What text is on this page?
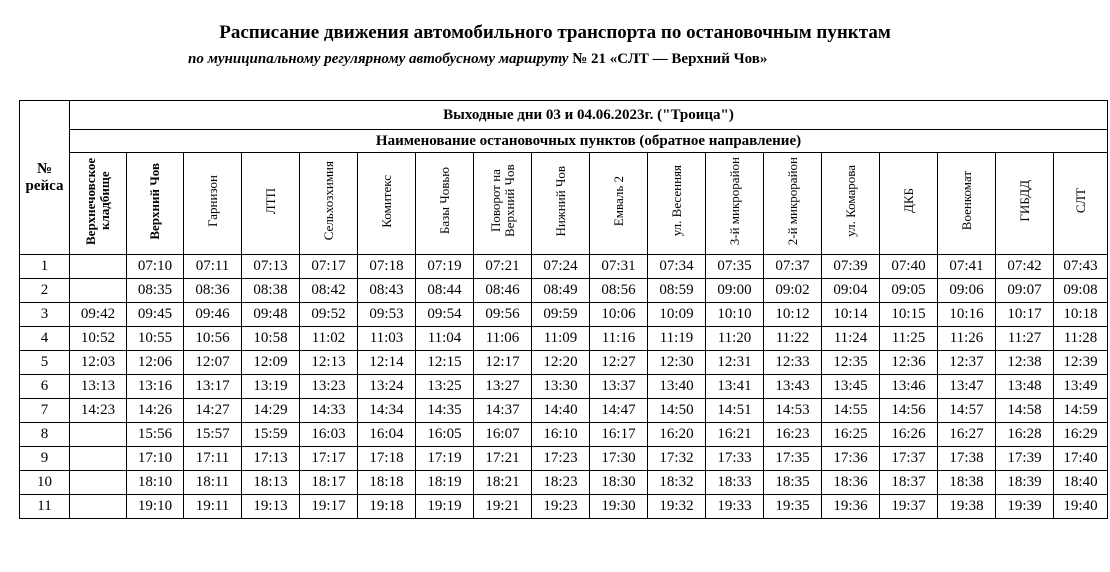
Расписание движения автомобильного транспорта по остановочным пунктам
по муниципальному регулярному автобусному маршруту № 21 «СЛТ — Верхний Чов»
№ рейса	Выходные дни 03 и 04.06.2023г. ("Троица")																	
	Наименование остановочных пунктов (обратное направление)																	
	Верхнечовское кладбище	Верхний Чов	Гарнизон	ЛТП	Сельхозхимия	Комитекс	Базы Човью	Поворот на Верхний Чов	Нижний Чов	Емваль 2	ул. Весенняя	3-й микрорайон	2-й микрорайон	ул. Комарова	ДКБ	Военкомат	ГИБДД	СЛТ
1		07:10	07:11	07:13	07:17	07:18	07:19	07:21	07:24	07:31	07:34	07:35	07:37	07:39	07:40	07:41	07:42	07:43
2		08:35	08:36	08:38	08:42	08:43	08:44	08:46	08:49	08:56	08:59	09:00	09:02	09:04	09:05	09:06	09:07	09:08
3	09:42	09:45	09:46	09:48	09:52	09:53	09:54	09:56	09:59	10:06	10:09	10:10	10:12	10:14	10:15	10:16	10:17	10:18
4	10:52	10:55	10:56	10:58	11:02	11:03	11:04	11:06	11:09	11:16	11:19	11:20	11:22	11:24	11:25	11:26	11:27	11:28
5	12:03	12:06	12:07	12:09	12:13	12:14	12:15	12:17	12:20	12:27	12:30	12:31	12:33	12:35	12:36	12:37	12:38	12:39
6	13:13	13:16	13:17	13:19	13:23	13:24	13:25	13:27	13:30	13:37	13:40	13:41	13:43	13:45	13:46	13:47	13:48	13:49
7	14:23	14:26	14:27	14:29	14:33	14:34	14:35	14:37	14:40	14:47	14:50	14:51	14:53	14:55	14:56	14:57	14:58	14:59
8		15:56	15:57	15:59	16:03	16:04	16:05	16:07	16:10	16:17	16:20	16:21	16:23	16:25	16:26	16:27	16:28	16:29
9		17:10	17:11	17:13	17:17	17:18	17:19	17:21	17:23	17:30	17:32	17:33	17:35	17:36	17:37	17:38	17:39	17:40
10		18:10	18:11	18:13	18:17	18:18	18:19	18:21	18:23	18:30	18:32	18:33	18:35	18:36	18:37	18:38	18:39	18:40
11		19:10	19:11	19:13	19:17	19:18	19:19	19:21	19:23	19:30	19:32	19:33	19:35	19:36	19:37	19:38	19:39	19:40
